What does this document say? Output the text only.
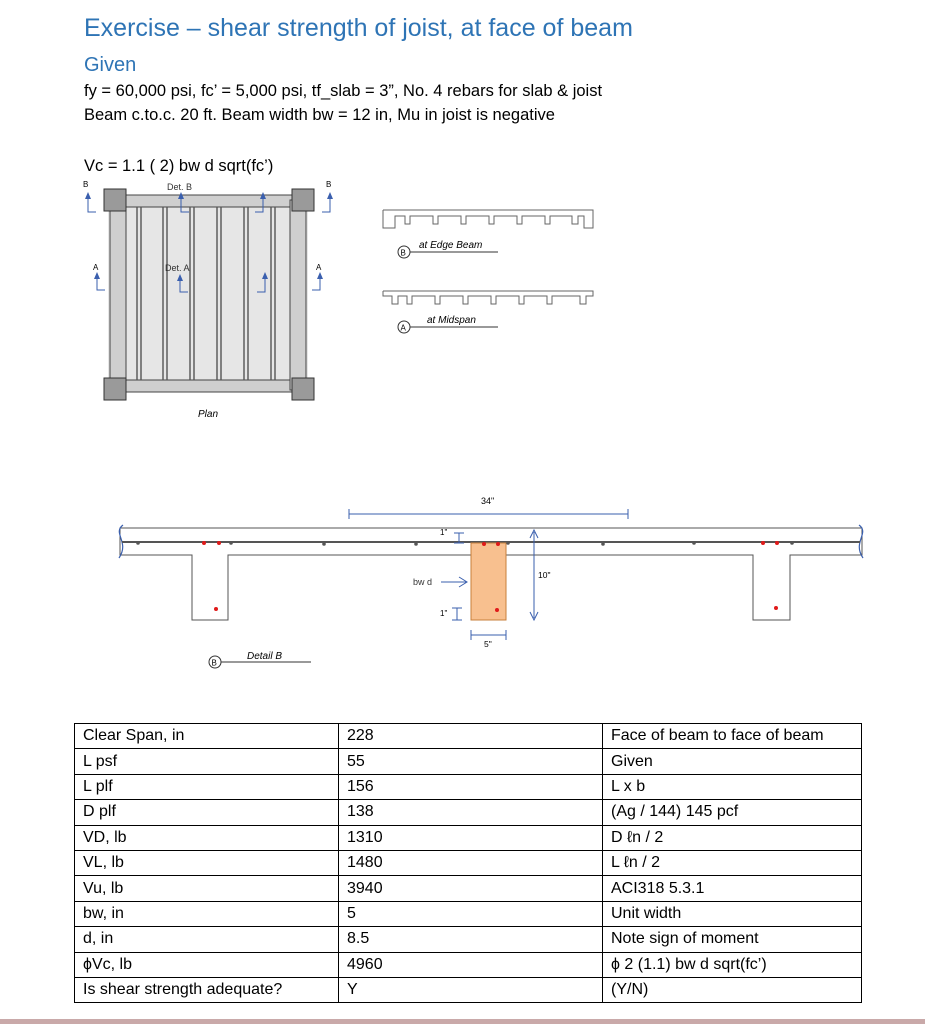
Exercise – shear strength of joist, at face of beam
Given
fy = 60,000 psi, fc’ = 5,000 psi, tf_slab = 3”, No. 4 rebars for slab & joist
Beam c.to.c. 20 ft. Beam width bw = 12 in, Mu in joist is negative
Vc = 1.1 ( 2) bw d sqrt(fc’)
B	B
A	A
Det. B
Det. A
Plan
B
at Edge Beam
A
at Midspan
34"
1"
1"
10"
5"
bw d
B
Detail B
Clear Span, in	228	Face of beam to face of beam
L psf	55	Given
L plf	156	L x b
D plf	138	(Ag / 144) 145 pcf
VD, lb	1310	D ℓn / 2
VL, lb	1480	L ℓn / 2
Vu, lb	3940	ACI318 5.3.1
bw, in	5	Unit width
d, in	8.5	Note sign of moment
ϕVc, lb	4960	ϕ 2 (1.1) bw d sqrt(fc’)
Is shear strength adequate?	Y	(Y/N)
